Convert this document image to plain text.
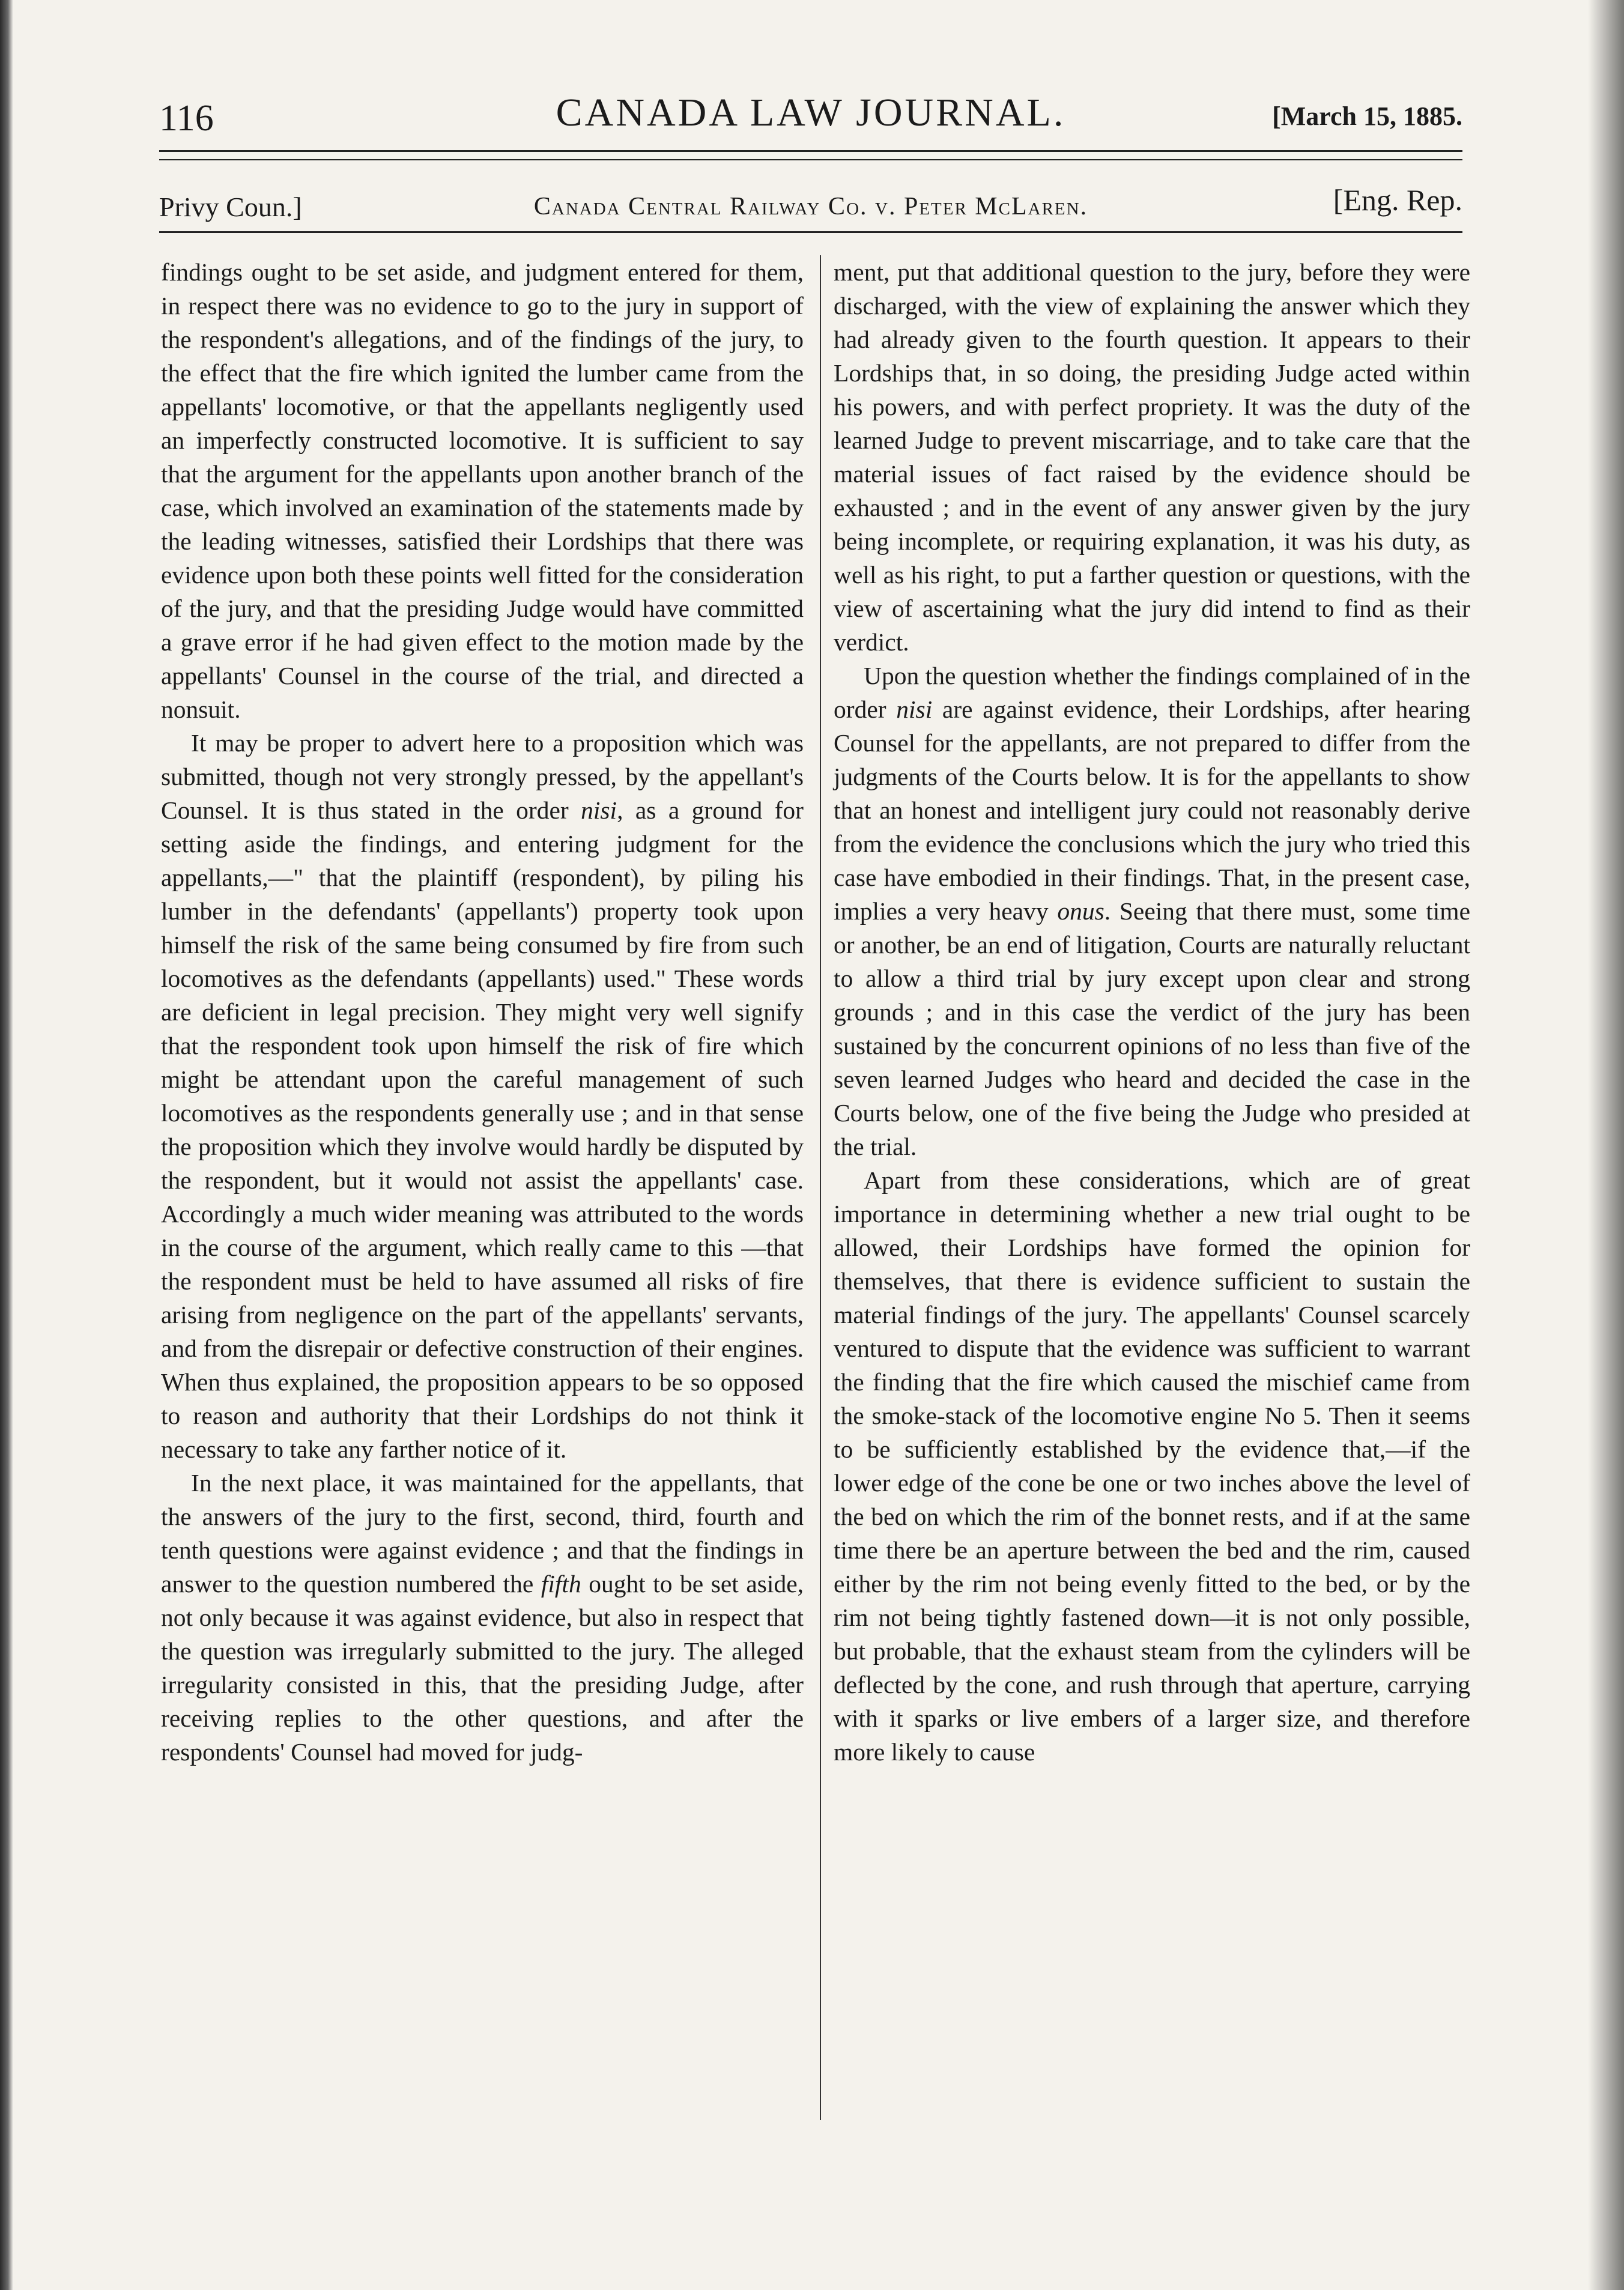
116	CANADA LAW JOURNAL.	[March 15, 1885.
Privy Coun.]	Canada Central Railway Co. v. Peter McLaren.	[Eng. Rep.

findings ought to be set aside, and judgment entered for them, in respect there was no evidence to go to the jury in support of the respondent's allegations, and of the findings of the jury, to the effect that the fire which ignited the lumber came from the appellants' locomotive, or that the appellants negligently used an imperfectly constructed locomotive. It is sufficient to say that the argument for the appellants upon another branch of the case, which involved an examination of the statements made by the leading witnesses, satisfied their Lordships that there was evidence upon both these points well fitted for the consideration of the jury, and that the presiding Judge would have committed a grave error if he had given effect to the motion made by the appellants' Counsel in the course of the trial, and directed a nonsuit.

It may be proper to advert here to a proposition which was submitted, though not very strongly pressed, by the appellant's Counsel. It is thus stated in the order nisi, as a ground for setting aside the findings, and entering judgment for the appellants,—" that the plaintiff (respondent), by piling his lumber in the defendants' (appellants') property took upon himself the risk of the same being consumed by fire from such locomotives as the defendants (appellants) used." These words are deficient in legal precision. They might very well signify that the respondent took upon himself the risk of fire which might be attendant upon the careful management of such locomotives as the respondents generally use ; and in that sense the proposition which they involve would hardly be disputed by the respondent, but it would not assist the appellants' case. Accordingly a much wider meaning was attributed to the words in the course of the argument, which really came to this —that the respondent must be held to have assumed all risks of fire arising from negligence on the part of the appellants' servants, and from the disrepair or defective construction of their engines. When thus explained, the proposition appears to be so opposed to reason and authority that their Lordships do not think it necessary to take any farther notice of it.

In the next place, it was maintained for the appellants, that the answers of the jury to the first, second, third, fourth and tenth questions were against evidence ; and that the findings in answer to the question numbered the fifth ought to be set aside, not only because it was against evidence, but also in respect that the question was irregularly submitted to the jury. The alleged irregularity consisted in this, that the presiding Judge, after receiving replies to the other questions, and after the respondents' Counsel had moved for judg-

ment, put that additional question to the jury, before they were discharged, with the view of explaining the answer which they had already given to the fourth question. It appears to their Lordships that, in so doing, the presiding Judge acted within his powers, and with perfect propriety. It was the duty of the learned Judge to prevent miscarriage, and to take care that the material issues of fact raised by the evidence should be exhausted ; and in the event of any answer given by the jury being incomplete, or requiring explanation, it was his duty, as well as his right, to put a farther question or questions, with the view of ascertaining what the jury did intend to find as their verdict.

Upon the question whether the findings complained of in the order nisi are against evidence, their Lordships, after hearing Counsel for the appellants, are not prepared to differ from the judgments of the Courts below. It is for the appellants to show that an honest and intelligent jury could not reasonably derive from the evidence the conclusions which the jury who tried this case have embodied in their findings. That, in the present case, implies a very heavy onus. Seeing that there must, some time or another, be an end of litigation, Courts are naturally reluctant to allow a third trial by jury except upon clear and strong grounds ; and in this case the verdict of the jury has been sustained by the concurrent opinions of no less than five of the seven learned Judges who heard and decided the case in the Courts below, one of the five being the Judge who presided at the trial.

Apart from these considerations, which are of great importance in determining whether a new trial ought to be allowed, their Lordships have formed the opinion for themselves, that there is evidence sufficient to sustain the material findings of the jury. The appellants' Counsel scarcely ventured to dispute that the evidence was sufficient to warrant the finding that the fire which caused the mischief came from the smoke-stack of the locomotive engine No 5. Then it seems to be sufficiently established by the evidence that,—if the lower edge of the cone be one or two inches above the level of the bed on which the rim of the bonnet rests, and if at the same time there be an aperture between the bed and the rim, caused either by the rim not being evenly fitted to the bed, or by the rim not being tightly fastened down—it is not only possible, but probable, that the exhaust steam from the cylinders will be deflected by the cone, and rush through that aperture, carrying with it sparks or live embers of a larger size, and therefore more likely to cause
